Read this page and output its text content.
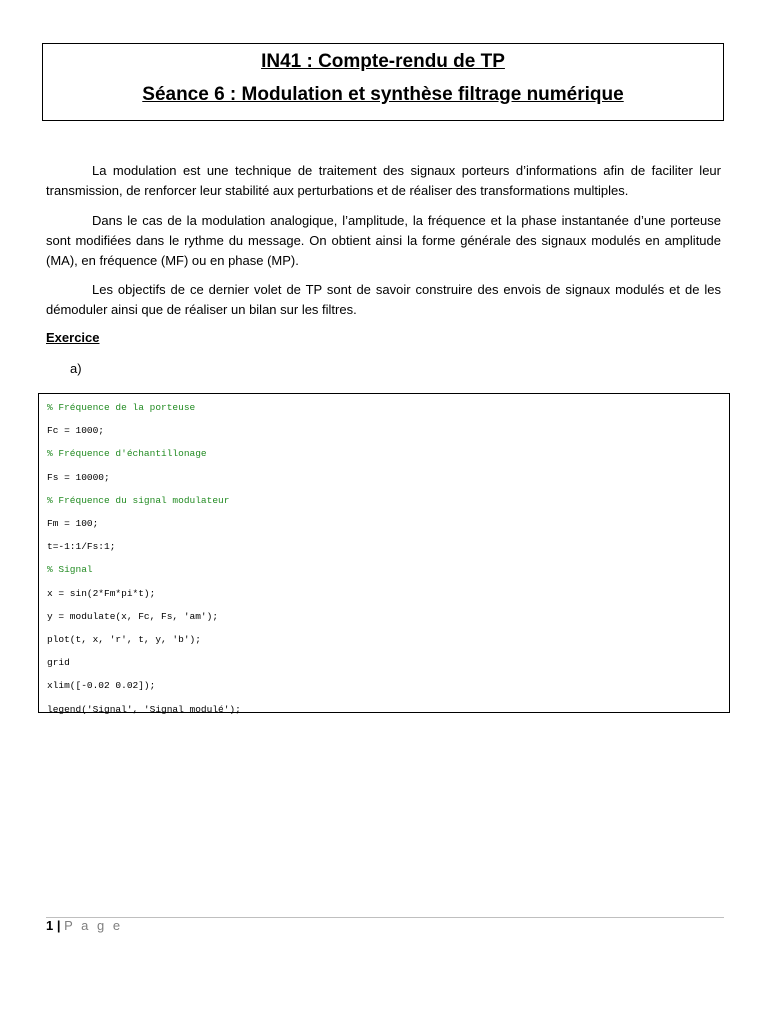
IN41 : Compte-rendu de TP
Séance 6 : Modulation et synthèse filtrage numérique

La modulation est une technique de traitement des signaux porteurs d’informations afin de faciliter leur transmission, de renforcer leur stabilité aux perturbations et de réaliser des transformations multiples.

Dans le cas de la modulation analogique, l’amplitude, la fréquence et la phase instantanée d’une porteuse sont modifiées dans le rythme du message. On obtient ainsi la forme générale des signaux modulés en amplitude (MA), en fréquence (MF) ou en phase (MP).

Les objectifs de ce dernier volet de TP sont de savoir construire des envois de signaux modulés et de les démoduler ainsi que de réaliser un bilan sur les filtres.

Exercice
a)
% Fréquence de la porteuse
Fc = 1000;
% Fréquence d'échantillonage
Fs = 10000;
% Fréquence du signal modulateur
Fm = 100;
t=-1:1/Fs:1;
% Signal
x = sin(2*Fm*pi*t);
y = modulate(x, Fc, Fs, 'am');
plot(t, x, 'r', t, y, 'b');
grid
xlim([-0.02 0.02]);
legend('Signal', 'Signal modulé');
1 | P a g e
